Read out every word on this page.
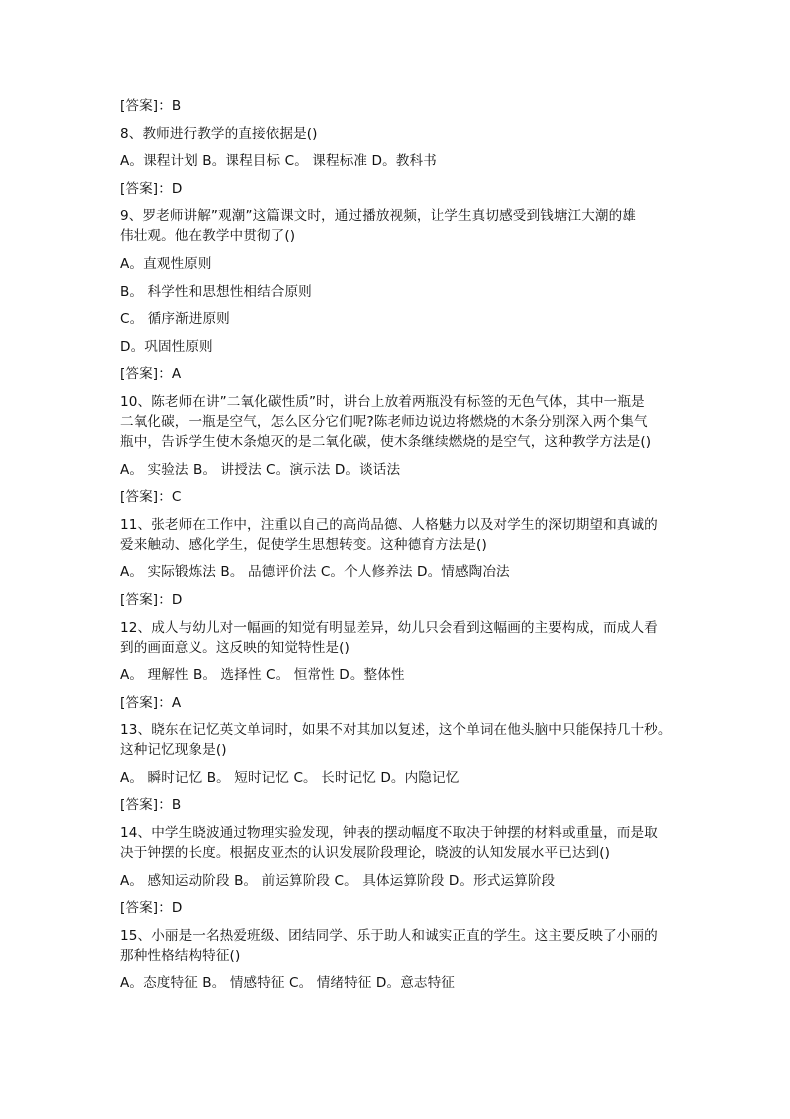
[答案]：B
8、教师进行教学的直接依据是()
A。课程计划 B。课程目标 C。 课程标准 D。教科书
[答案]：D
9、罗老师讲解”观潮”这篇课文时，通过播放视频，让学生真切感受到钱塘江大潮的雄
伟壮观。他在教学中贯彻了()
A。直观性原则
B。 科学性和思想性相结合原则
C。 循序渐进原则
D。巩固性原则
[答案]：A
10、陈老师在讲”二氧化碳性质”时，讲台上放着两瓶没有标签的无色气体，其中一瓶是
二氧化碳，一瓶是空气，怎么区分它们呢?陈老师边说边将燃烧的木条分别深入两个集气
瓶中，告诉学生使木条熄灭的是二氧化碳，使木条继续燃烧的是空气，这种教学方法是()
A。 实验法 B。 讲授法 C。演示法 D。谈话法
[答案]：C
11、张老师在工作中，注重以自己的高尚品德、人格魅力以及对学生的深切期望和真诚的
爱来触动、感化学生，促使学生思想转变。这种德育方法是()
A。 实际锻炼法 B。 品德评价法 C。个人修养法 D。情感陶冶法
[答案]：D
12、成人与幼儿对一幅画的知觉有明显差异，幼儿只会看到这幅画的主要构成，而成人看
到的画面意义。这反映的知觉特性是()
A。 理解性 B。 选择性 C。 恒常性 D。整体性
[答案]：A
13、晓东在记忆英文单词时，如果不对其加以复述，这个单词在他头脑中只能保持几十秒。
这种记忆现象是()
A。 瞬时记忆 B。 短时记忆 C。 长时记忆 D。内隐记忆
[答案]：B
14、中学生晓波通过物理实验发现，钟表的摆动幅度不取决于钟摆的材料或重量，而是取
决于钟摆的长度。根据皮亚杰的认识发展阶段理论，晓波的认知发展水平已达到()
A。 感知运动阶段 B。 前运算阶段 C。 具体运算阶段 D。形式运算阶段
[答案]：D
15、小丽是一名热爱班级、团结同学、乐于助人和诚实正直的学生。这主要反映了小丽的
那种性格结构特征()
A。态度特征 B。 情感特征 C。 情绪特征 D。意志特征
